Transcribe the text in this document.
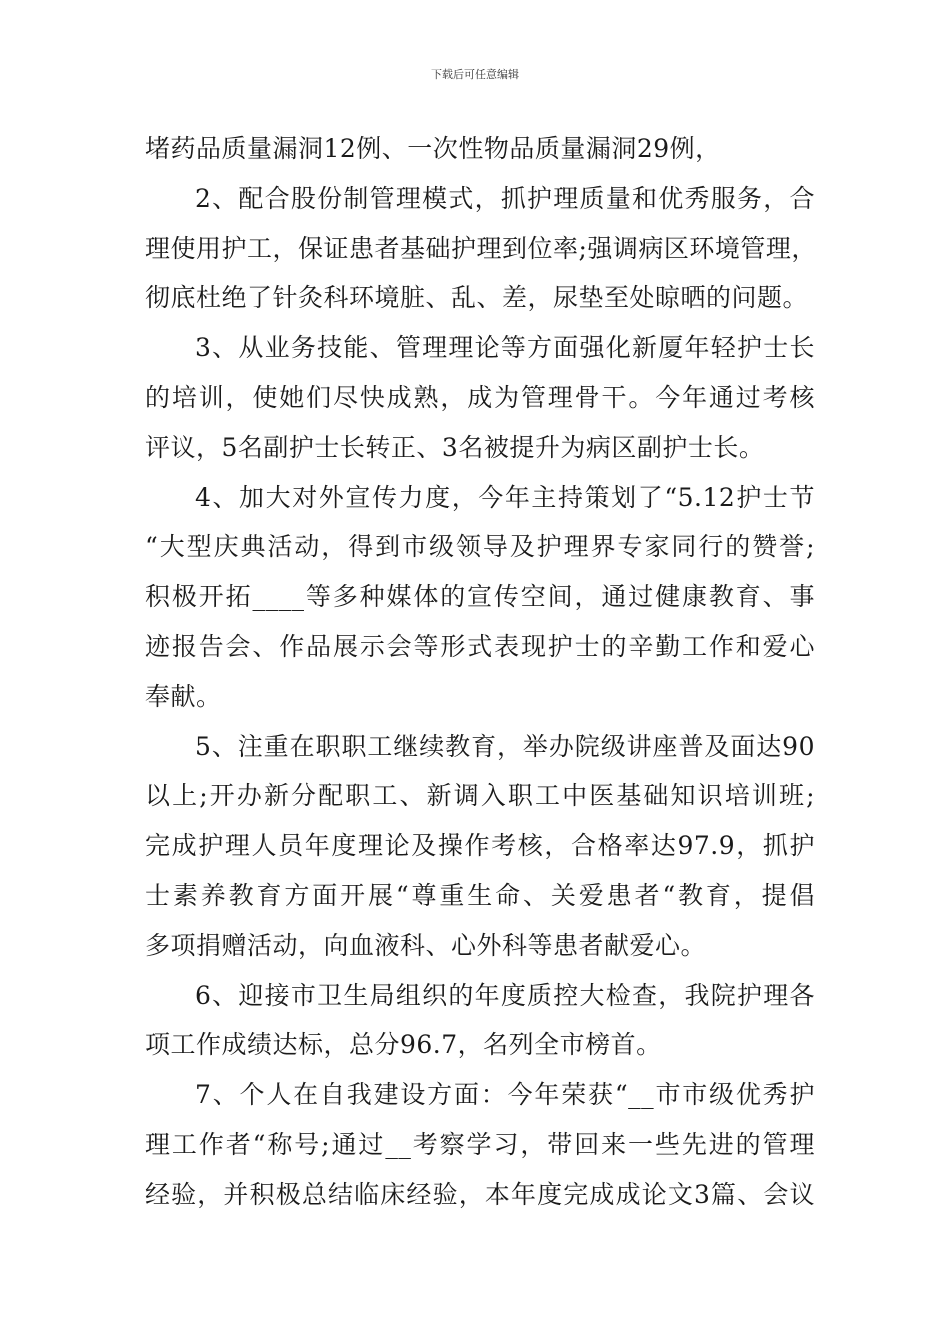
下载后可任意编辑
堵药品质量漏洞12例、一次性物品质量漏洞29例，
2、配合股份制管理模式，抓护理质量和优秀服务，合
理使用护工，保证患者基础护理到位率;强调病区环境管理，
彻底杜绝了针灸科环境脏、乱、差，尿垫至处晾晒的问题。
3、从业务技能、管理理论等方面强化新厦年轻护士长
的培训，使她们尽快成熟，成为管理骨干。今年通过考核
评议，5名副护士长转正、3名被提升为病区副护士长。
4、加大对外宣传力度，今年主持策划了“5.12护士节
“大型庆典活动，得到市级领导及护理界专家同行的赞誉;
积极开拓____等多种媒体的宣传空间，通过健康教育、事
迹报告会、作品展示会等形式表现护士的辛勤工作和爱心
奉献。
5、注重在职职工继续教育，举办院级讲座普及面达90
以上;开办新分配职工、新调入职工中医基础知识培训班;
完成护理人员年度理论及操作考核，合格率达97.9，抓护
士素养教育方面开展“尊重生命、关爱患者“教育，提倡
多项捐赠活动，向血液科、心外科等患者献爱心。
6、迎接市卫生局组织的年度质控大检查，我院护理各
项工作成绩达标，总分96.7，名列全市榜首。
7、个人在自我建设方面：今年荣获“__市市级优秀护
理工作者“称号;通过__考察学习，带回来一些先进的管理
经验，并积极总结临床经验，本年度完成成论文3篇、会议
